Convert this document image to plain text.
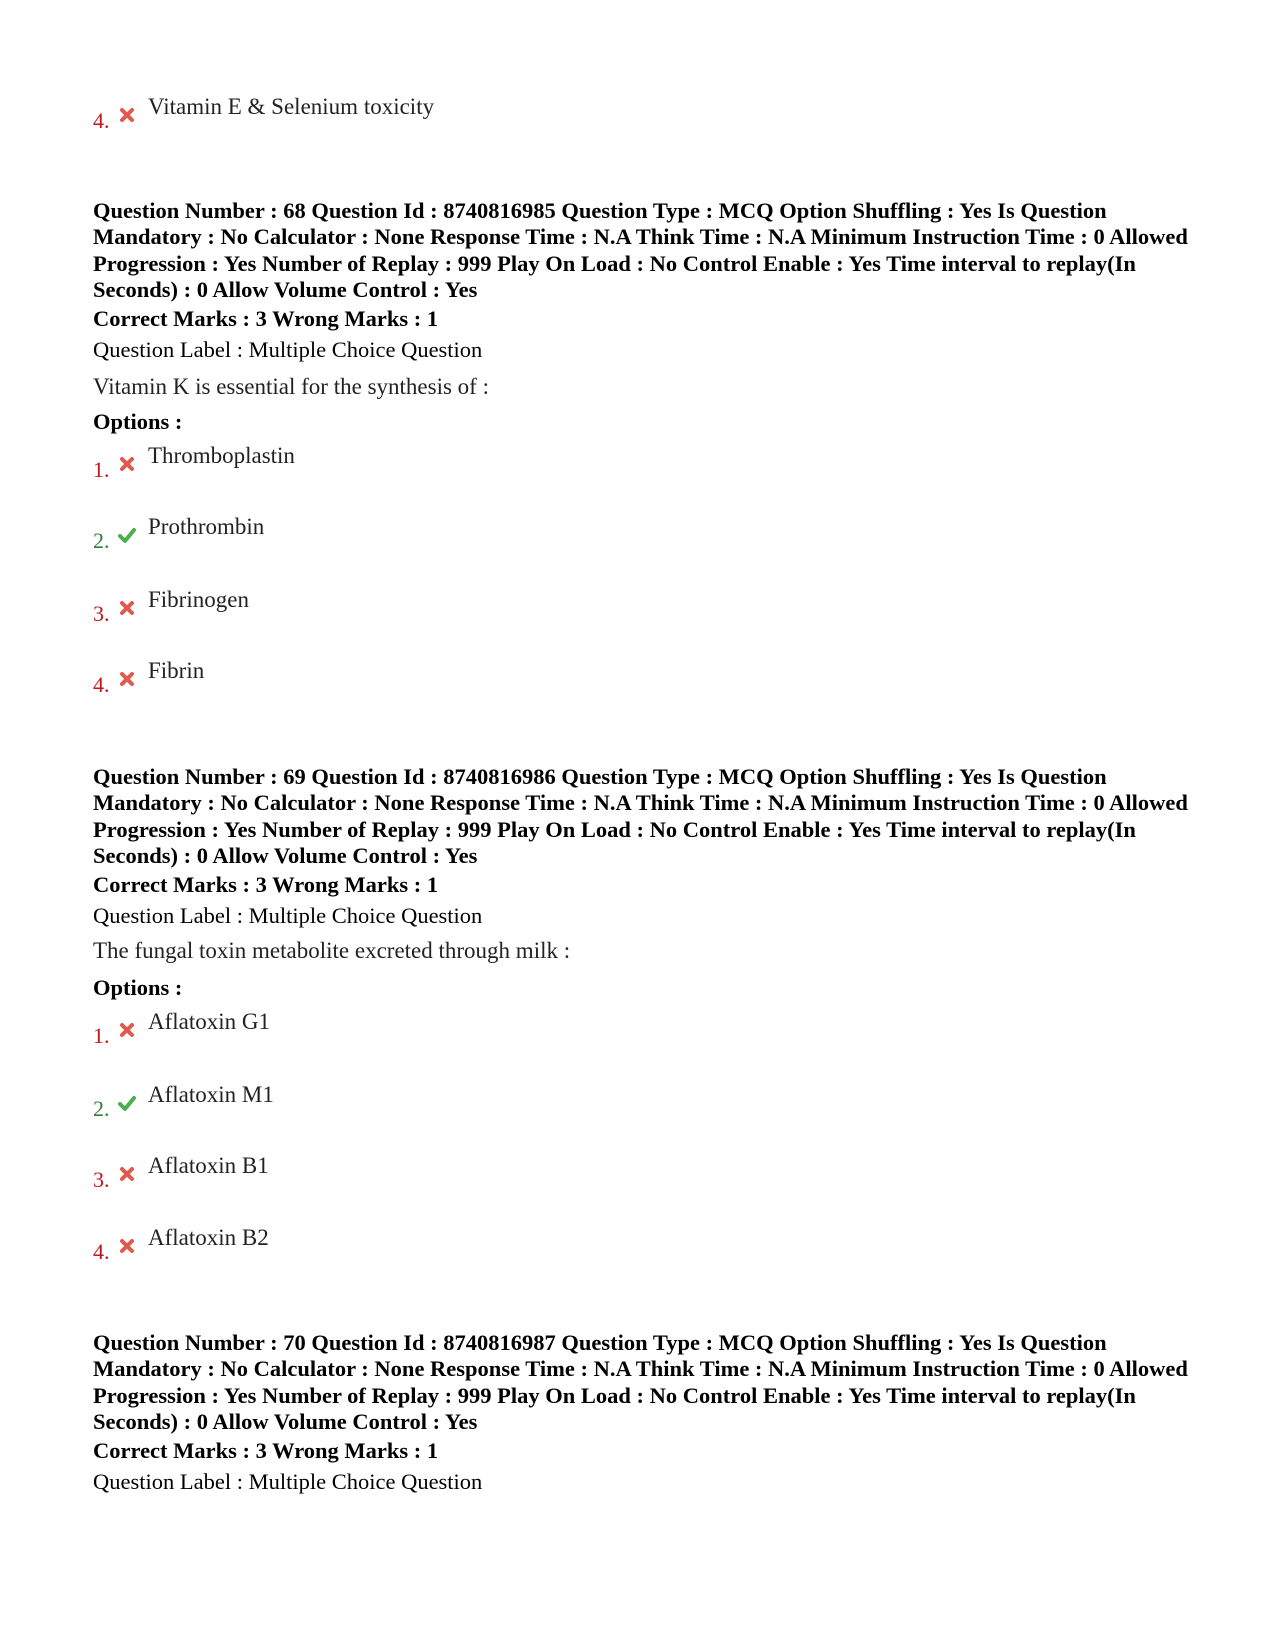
4.
Vitamin E & Selenium toxicity

Question Number : 68 Question Id : 8740816985 Question Type : MCQ Option Shuffling : Yes Is Question Mandatory : No Calculator : None Response Time : N.A Think Time : N.A Minimum Instruction Time : 0 Allowed Progression : Yes Number of Replay : 999 Play On Load : No Control Enable : Yes Time interval to replay(In Seconds) : 0 Allow Volume Control : Yes

Correct Marks : 3 Wrong Marks : 1
Question Label : Multiple Choice Question
Vitamin K is essential for the synthesis of :
Options :
1.
Thromboplastin
2.
Prothrombin
3.
Fibrinogen
4.
Fibrin

Question Number : 69 Question Id : 8740816986 Question Type : MCQ Option Shuffling : Yes Is Question Mandatory : No Calculator : None Response Time : N.A Think Time : N.A Minimum Instruction Time : 0 Allowed Progression : Yes Number of Replay : 999 Play On Load : No Control Enable : Yes Time interval to replay(In Seconds) : 0 Allow Volume Control : Yes

Correct Marks : 3 Wrong Marks : 1
Question Label : Multiple Choice Question
The fungal toxin metabolite excreted through milk :
Options :
1.
Aflatoxin G1
2.
Aflatoxin M1
3.
Aflatoxin B1
4.
Aflatoxin B2

Question Number : 70 Question Id : 8740816987 Question Type : MCQ Option Shuffling : Yes Is Question Mandatory : No Calculator : None Response Time : N.A Think Time : N.A Minimum Instruction Time : 0 Allowed Progression : Yes Number of Replay : 999 Play On Load : No Control Enable : Yes Time interval to replay(In Seconds) : 0 Allow Volume Control : Yes

Correct Marks : 3 Wrong Marks : 1
Question Label : Multiple Choice Question
